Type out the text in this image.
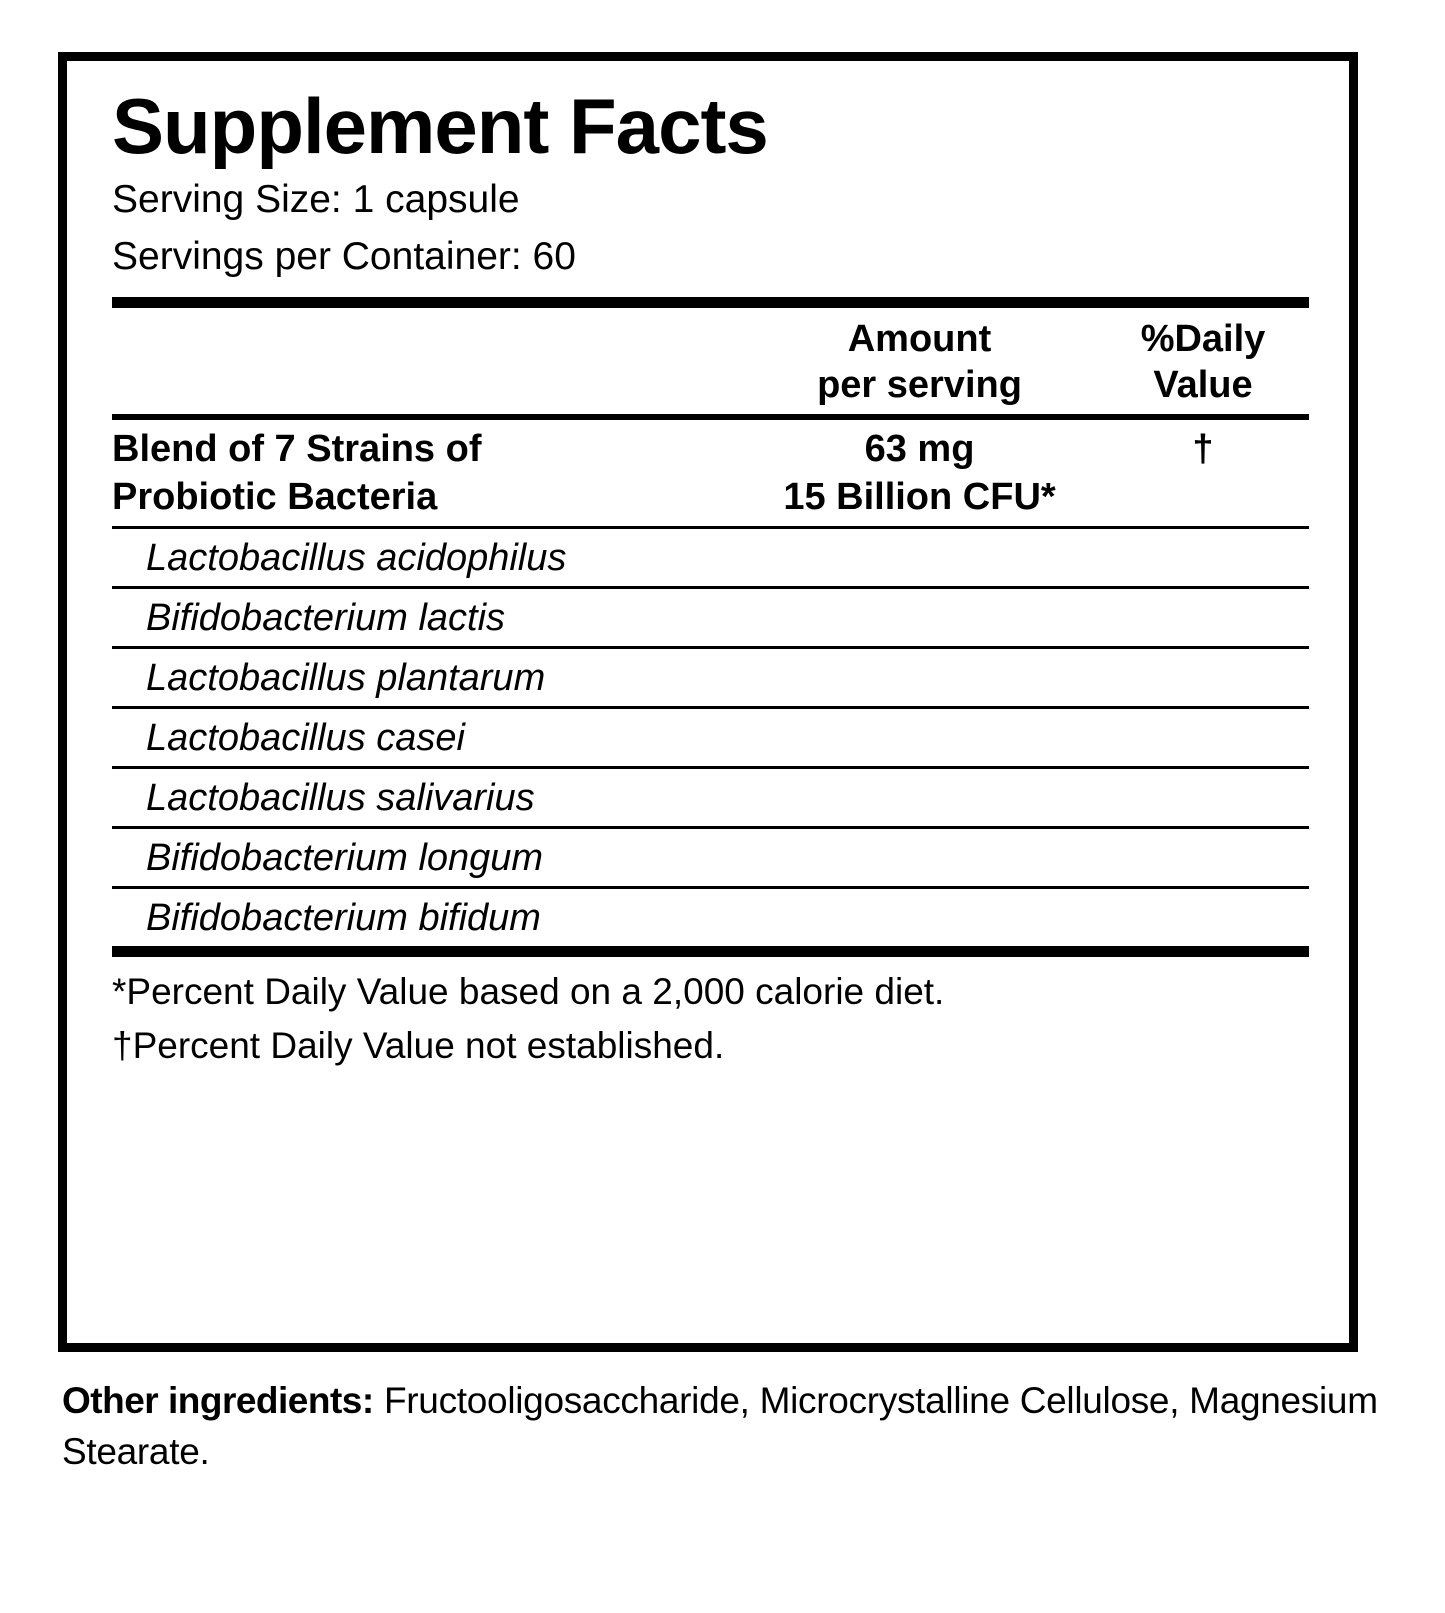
Supplement Facts
Serving Size: 1 capsule
Servings per Container: 60
Amount
per serving
%Daily
Value
Blend of 7 Strains of
Probiotic Bacteria
63 mg
15 Billion CFU*
†
Lactobacillus acidophilus
Bifidobacterium lactis
Lactobacillus plantarum
Lactobacillus casei
Lactobacillus salivarius
Bifidobacterium longum
Bifidobacterium bifidum
*Percent Daily Value based on a 2,000 calorie diet.
†Percent Daily Value not established.
Other ingredients: Fructooligosaccharide, Microcrystalline Cellulose, Magnesium Stearate.
